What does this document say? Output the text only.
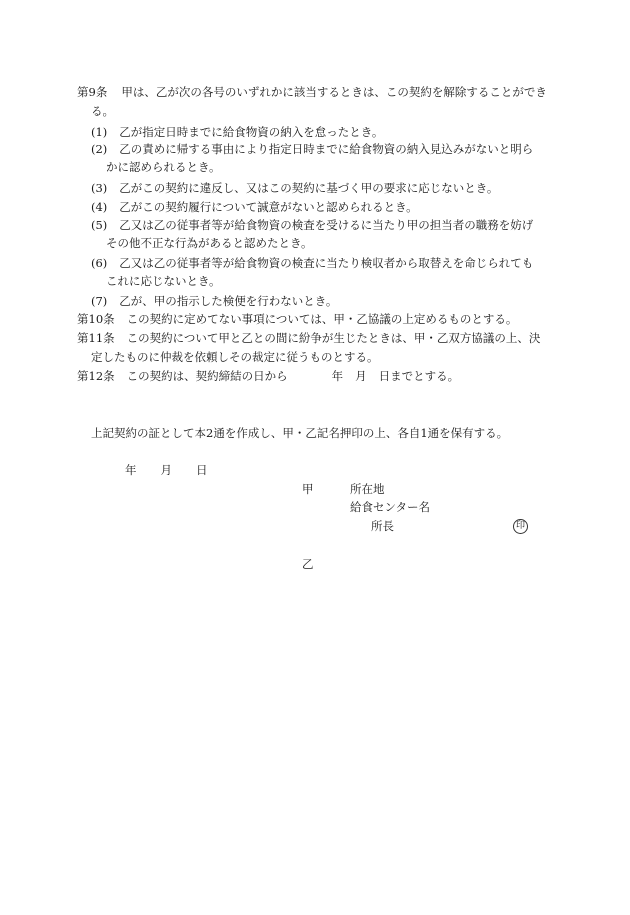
第9条 甲は、乙が次の各号のいずれかに該当するときは、この契約を解除することができ
る。
(1) 乙が指定日時までに給食物資の納入を怠ったとき。
(2) 乙の責めに帰する事由により指定日時までに給食物資の納入見込みがないと明ら
かに認められるとき。
(3) 乙がこの契約に違反し、又はこの契約に基づく甲の要求に応じないとき。
(4) 乙がこの契約履行について誠意がないと認められるとき。
(5) 乙又は乙の従事者等が給食物資の検査を受けるに当たり甲の担当者の職務を妨げ
その他不正な行為があると認めたとき。
(6) 乙又は乙の従事者等が給食物資の検査に当たり検収者から取替えを命じられても
これに応じないとき。
(7) 乙が、甲の指示した検便を行わないとき。
第10条 この契約に定めてない事項については、甲・乙協議の上定めるものとする。
第11条 この契約について甲と乙との間に紛争が生じたときは、甲・乙双方協議の上、決
定したものに仲裁を依頼しその裁定に従うものとする。
第12条 この契約は、契約締結の日から	年 月 日までとする。
上記契約の証として本2通を作成し、甲・乙記名押印の上、各自1通を保有する。
年 月 日
甲	所在地
給食センター名
所長	印
乙
